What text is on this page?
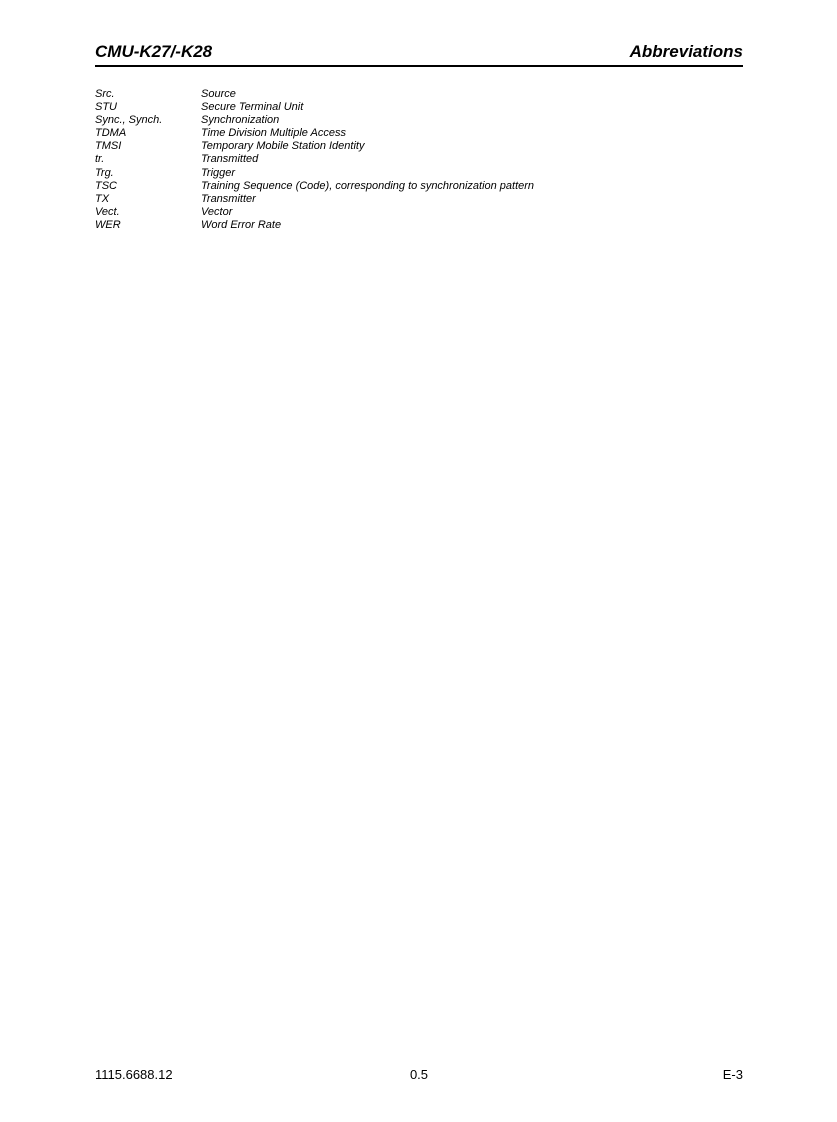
CMU-K27/-K28	Abbreviations
Src.	Source
STU	Secure Terminal Unit
Sync., Synch.	Synchronization
TDMA	Time Division Multiple Access
TMSI	Temporary Mobile Station Identity
tr.	Transmitted
Trg.	Trigger
TSC	Training Sequence (Code), corresponding to synchronization pattern
TX	Transmitter
Vect.	Vector
WER	Word Error Rate
1115.6688.12	0.5	E-3
